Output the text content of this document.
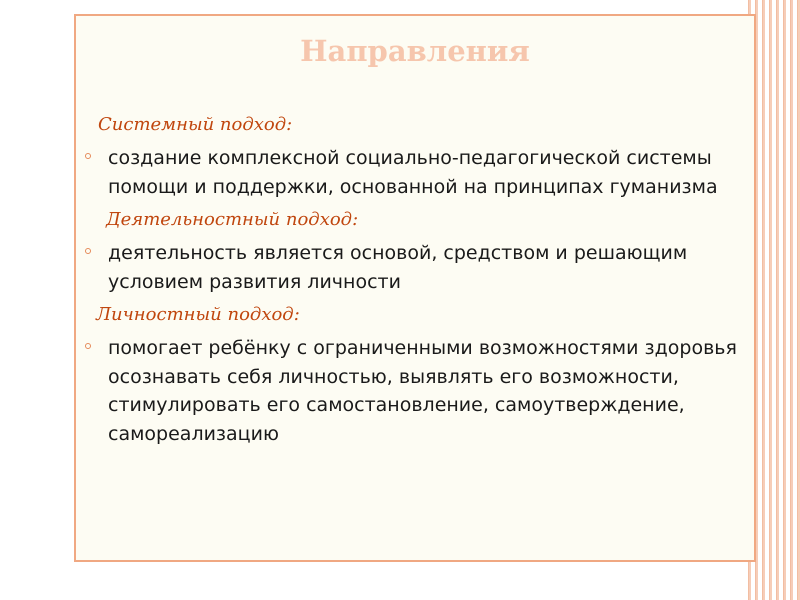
Направления
Системный подход:
создание комплексной социально-педагогической системы помощи и поддержки, основанной на принципах гуманизма
Деятельностный подход:
деятельность является основой, средством и решающим условием развития личности
Личностный подход:
помогает ребёнку с ограниченными возможностями здоровья осознавать себя личностью, выявлять его возможности, стимулировать его самостановление, самоутверждение, самореализацию
